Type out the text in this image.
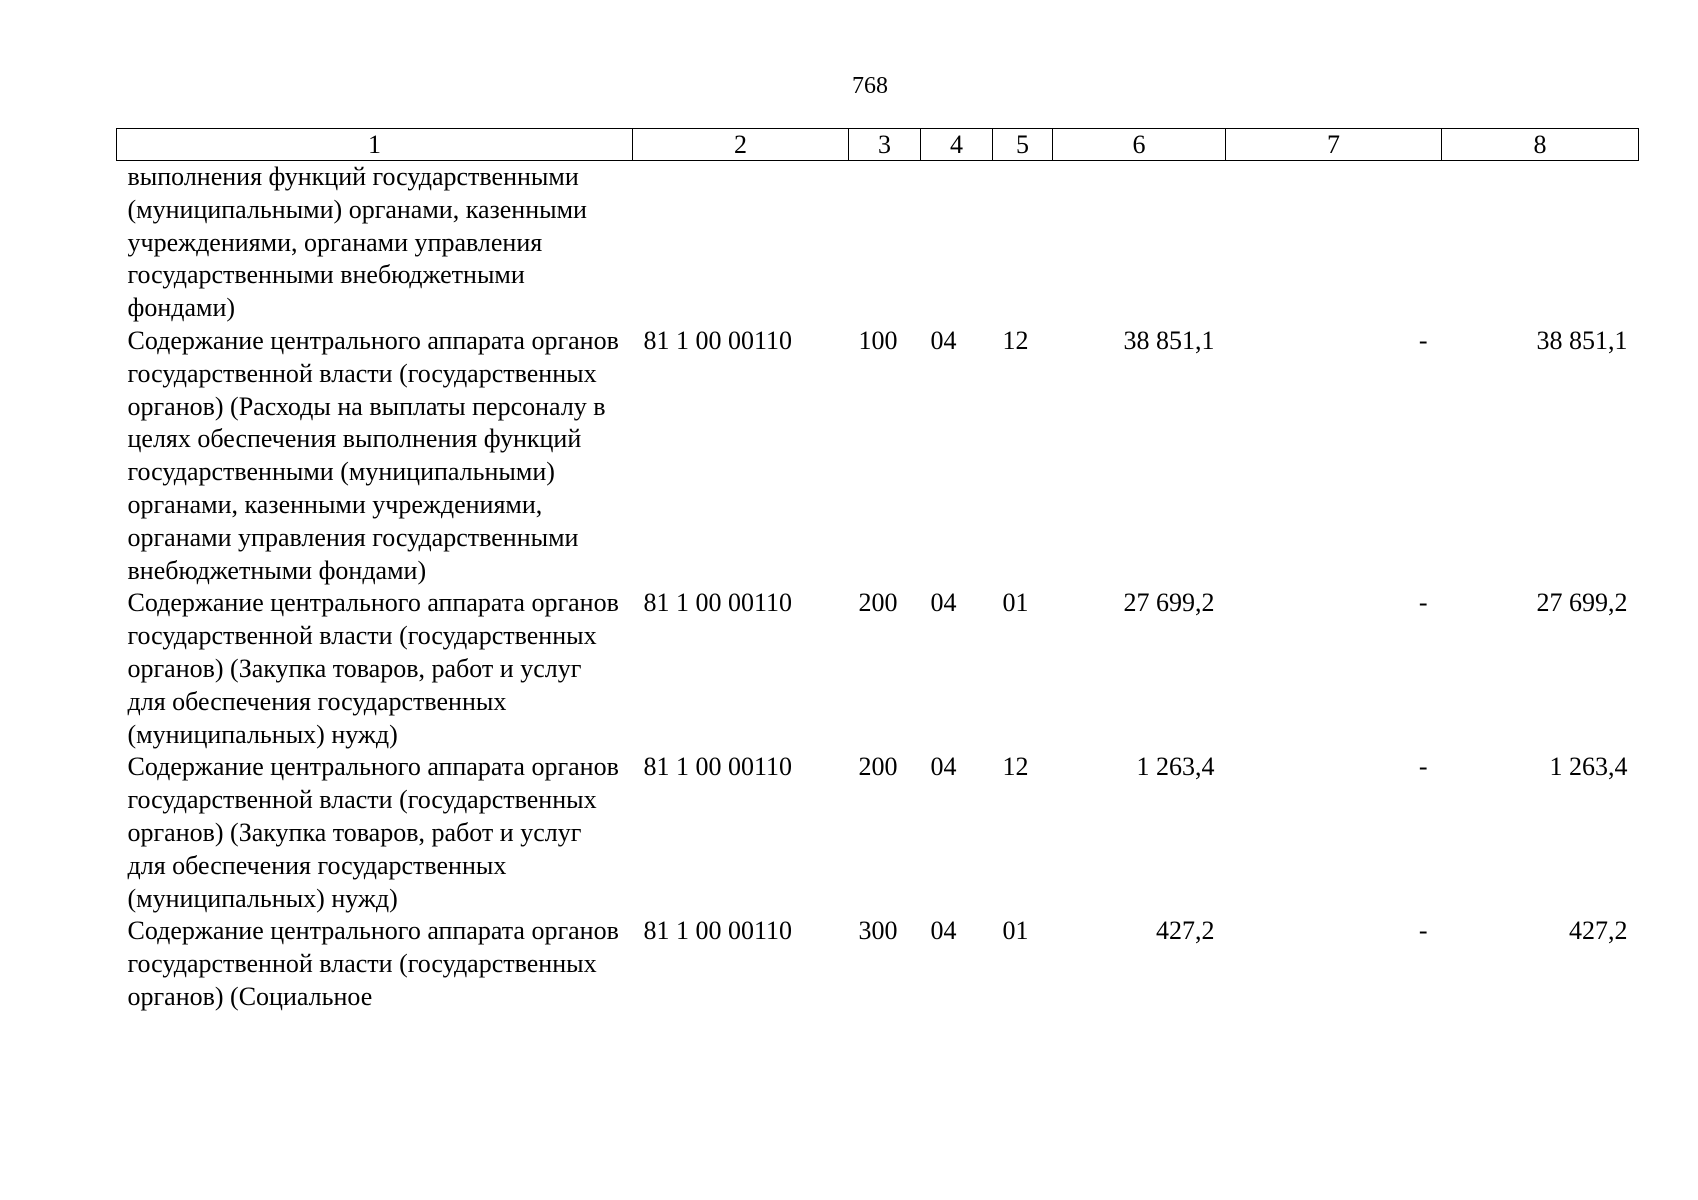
768
1	2	3	4	5	6	7	8
выполнения функций государственными (муниципальными) органами, казенными учреждениями, органами управления государственными внебюджетными фондами)							
Содержание центрального аппарата органов государственной власти (государственных органов) (Расходы на выплаты персоналу в целях обеспечения выполнения функций государственными (муниципальными) органами, казенными учреждениями, органами управления государственными внебюджетными фондами)	81 1 00 00110	100	04	12	38 851,1	-	38 851,1
Содержание центрального аппарата органов государственной власти (государственных органов) (Закупка товаров, работ и услуг для обеспечения государственных (муниципальных) нужд)	81 1 00 00110	200	04	01	27 699,2	-	27 699,2
Содержание центрального аппарата органов государственной власти (государственных органов) (Закупка товаров, работ и услуг для обеспечения государственных (муниципальных) нужд)	81 1 00 00110	200	04	12	1 263,4	-	1 263,4
Содержание центрального аппарата органов государственной власти (государственных органов) (Социальное	81 1 00 00110	300	04	01	427,2	-	427,2
